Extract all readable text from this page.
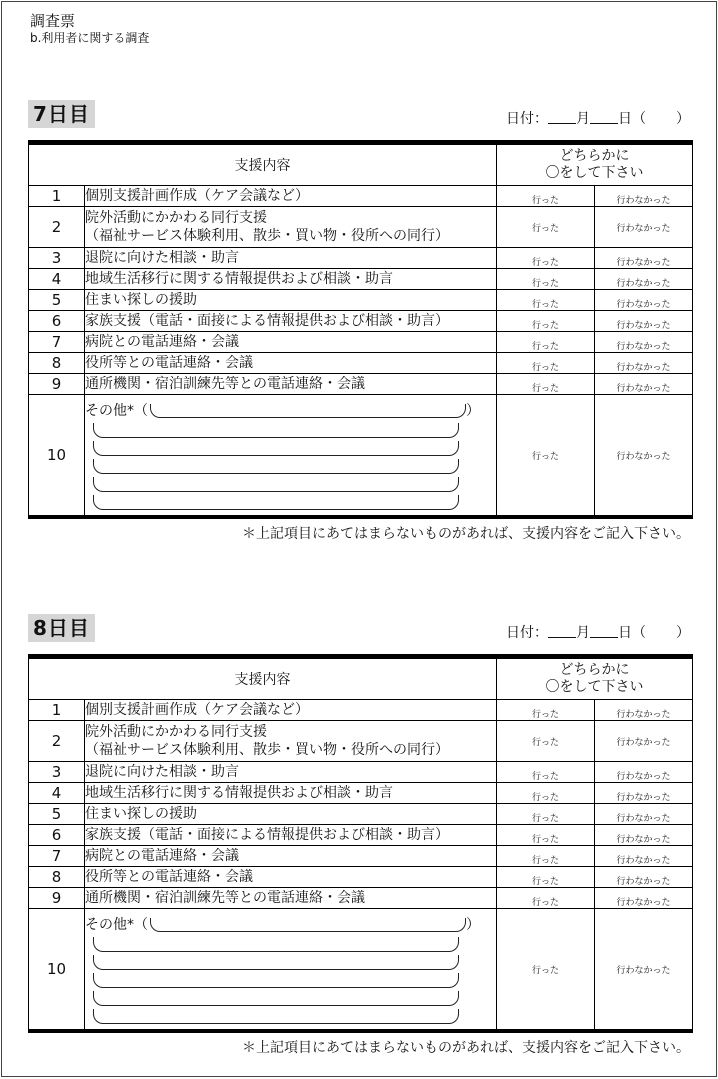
調査票
b.利用者に関する調査
7日目	日付： 月 日（ ）
支援内容		どちらかに
〇をして下さい	
1	個別支援計画作成（ケア会議など）	行った	行わなかった
2	院外活動にかかわる同行支援
（福祉サービス体験利用、散歩・買い物・役所への同行）	行った	行わなかった
3	退院に向けた相談・助言	行った	行わなかった
4	地域生活移行に関する情報提供および相談・助言	行った	行わなかった
5	住まい探しの援助	行った	行わなかった
6	家族支援（電話・面接による情報提供および相談・助言）	行った	行わなかった
7	病院との電話連絡・会議	行った	行わなかった
8	役所等との電話連絡・会議	行った	行わなかった
9	通所機関・宿泊訓練先等との電話連絡・会議	行った	行わなかった
10	その他* （ ）	行った	行わなかった
＊上記項目にあてはまらないものがあれば、支援内容をご記入下さい。
8日目	日付： 月 日（ ）
支援内容		どちらかに
〇をして下さい	
1	個別支援計画作成（ケア会議など）	行った	行わなかった
2	院外活動にかかわる同行支援
（福祉サービス体験利用、散歩・買い物・役所への同行）	行った	行わなかった
3	退院に向けた相談・助言	行った	行わなかった
4	地域生活移行に関する情報提供および相談・助言	行った	行わなかった
5	住まい探しの援助	行った	行わなかった
6	家族支援（電話・面接による情報提供および相談・助言）	行った	行わなかった
7	病院との電話連絡・会議	行った	行わなかった
8	役所等との電話連絡・会議	行った	行わなかった
9	通所機関・宿泊訓練先等との電話連絡・会議	行った	行わなかった
10	その他* （ ）	行った	行わなかった
＊上記項目にあてはまらないものがあれば、支援内容をご記入下さい。
